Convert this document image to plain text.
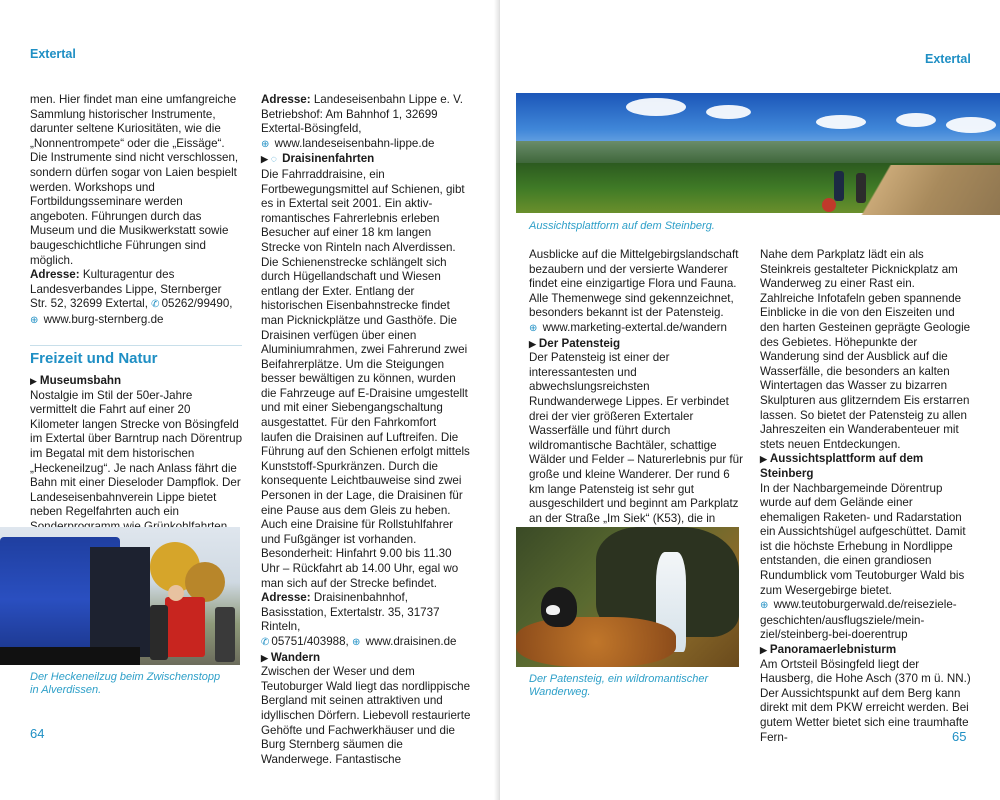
Extertal

men. Hier findet man eine umfangreiche Sammlung historischer Instrumente, darunter seltene Kuriositäten, wie die „Nonnentrompete“ oder die „Eissäge“. Die Instrumente sind nicht verschlossen, sondern dürfen sogar von Laien bespielt werden. Workshops und Fortbildungsseminare werden angeboten. Führungen durch das Museum und die Musikwerkstatt sowie baugeschichtliche Führungen sind möglich.

Adresse: Kulturagentur des Landesverbandes Lippe, Sternberger Str. 52, 32699 Extertal, ✆ 05262/99490,
⊕ www.burg-sternberg.de

Freizeit und Natur

▶ Museumsbahn

Nostalgie im Stil der 50er-Jahre vermittelt die Fahrt auf einer 20 Kilometer langen Strecke von Bösingfeld im Extertal über Barntrup nach Dörentrup im Begatal mit dem historischen „Heckeneilzug“. Je nach Anlass fährt die Bahn mit einer Dieseloder Dampflok. Der Landeseisenbahnverein Lippe bietet neben Regelfahrten auch ein

Der Heckeneilzug beim Zwischenstopp in Alverdissen.

Adresse: Landeseisenbahn Lippe e. V. Betriebshof: Am Bahnhof 1, 32699 Extertal-Bösingfeld,
⊕ www.landeseisenbahn-lippe.de

▶ ◌ Draisinenfahrten

Die Fahrraddraisine, ein Fortbewegungsmittel auf Schienen, gibt es in Extertal seit 2001. Ein aktiv-romantisches Fahrerlebnis erleben Besucher auf einer 18 km langen Strecke von Rinteln nach Alverdissen. Die Schienenstrecke schlängelt sich durch Hügellandschaft und Wiesen entlang der Exter. Entlang der historischen Eisenbahnstrecke findet man Picknickplätze und Gasthöfe. Die Draisinen verfügen über einen Aluminiumrahmen, zwei Fahrerund zwei Beifahrerplätze. Um die Steigungen besser bewältigen zu können, wurden die Fahrzeuge auf E-Draisine umgestellt und mit einer Siebengangschaltung ausgestattet. Für den Fahrkomfort laufen die Draisinen auf Luftreifen. Die Führung auf den Schienen erfolgt mittels Kunststoff-Spurkränzen. Durch die konsequente Leichtbauweise sind zwei Personen in der Lage, die Draisinen für eine Pause aus dem Gleis zu heben. Auch eine Draisine für Rollstuhlfahrer und Fußgänger ist vorhanden. Besonderheit: Hinfahrt 9.00 bis 11.30 Uhr – Rückfahrt ab 14.00 Uhr, egal wo man sich auf der Strecke befindet.

Adresse: Draisinenbahnhof, Basisstation, Extertalstr. 35, 31737 Rinteln,
✆ 05751/403988, ⊕ www.draisinen.de

▶ Wandern

Zwischen der Weser und dem Teutoburger Wald liegt das nordlippische Bergland mit seinen attraktiven und idyllischen Dörfern. Liebevoll restaurierte Gehöfte und Fachwerkhäuser und die Burg Sternberg säumen die Wanderwege. Fantastische

64
Extertal
Aussichtsplattform auf dem Steinberg.

Ausblicke auf die Mittelgebirgslandschaft bezaubern und der versierte Wanderer findet eine einzigartige Flora und Fauna. Alle Themenwege sind gekennzeichnet, besonders bekannt ist der Patensteig.

⊕ www.marketing-extertal.de/wandern

▶ Der Patensteig

Der Patensteig ist einer der interessantesten und abwechslungsreichsten Rundwanderwege Lippes. Er verbindet drei der vier größeren Extertaler Wasserfälle und führt durch wildromantische Bachtäler, schattige Wälder und Felder – Naturerlebnis pur für große und kleine Wanderer. Der rund 6 km lange Patensteig ist sehr gut ausgeschildert und beginnt am Parkplatz an der Straße „Im Siek“ (K53), die in

Der Patensteig, ein wildromantischer Wanderweg.

Nahe dem Parkplatz lädt ein als Steinkreis gestalteter Picknickplatz am Wanderweg zu einer Rast ein. Zahlreiche Infotafeln geben spannende Einblicke in die von den Eiszeiten und den harten Gesteinen geprägte Geologie des Gebietes. Höhepunkte der Wanderung sind der Ausblick auf die Wasserfälle, die besonders an kalten Wintertagen das Wasser zu bizarren Skulpturen aus glitzerndem Eis erstarren lassen. So bietet der Patensteig zu allen Jahreszeiten ein Wanderabenteuer mit stets neuen Entdeckungen.

▶ Aussichtsplattform auf dem Steinberg

In der Nachbargemeinde Dörentrup wurde auf dem Gelände einer ehemaligen Raketen- und Radarstation ein Aussichtshügel aufgeschüttet. Damit ist die höchste Erhebung in Nordlippe entstanden, die einen grandiosen Rundumblick vom Teutoburger Wald bis zum Wesergebirge bietet.

⊕ www.teutoburgerwald.de/reiseziele-geschichten/ausflugsziele/mein-ziel/steinberg-bei-doerentrup

▶ Panoramaerlebnisturm

Am Ortsteil Bösingfeld liegt der Hausberg, die Hohe Asch (370 m ü. NN.) Der Aussichtspunkt auf dem Berg kann direkt mit dem PKW erreicht werden. Bei gutem Wetter bietet sich eine traumhafte Fern-	65
